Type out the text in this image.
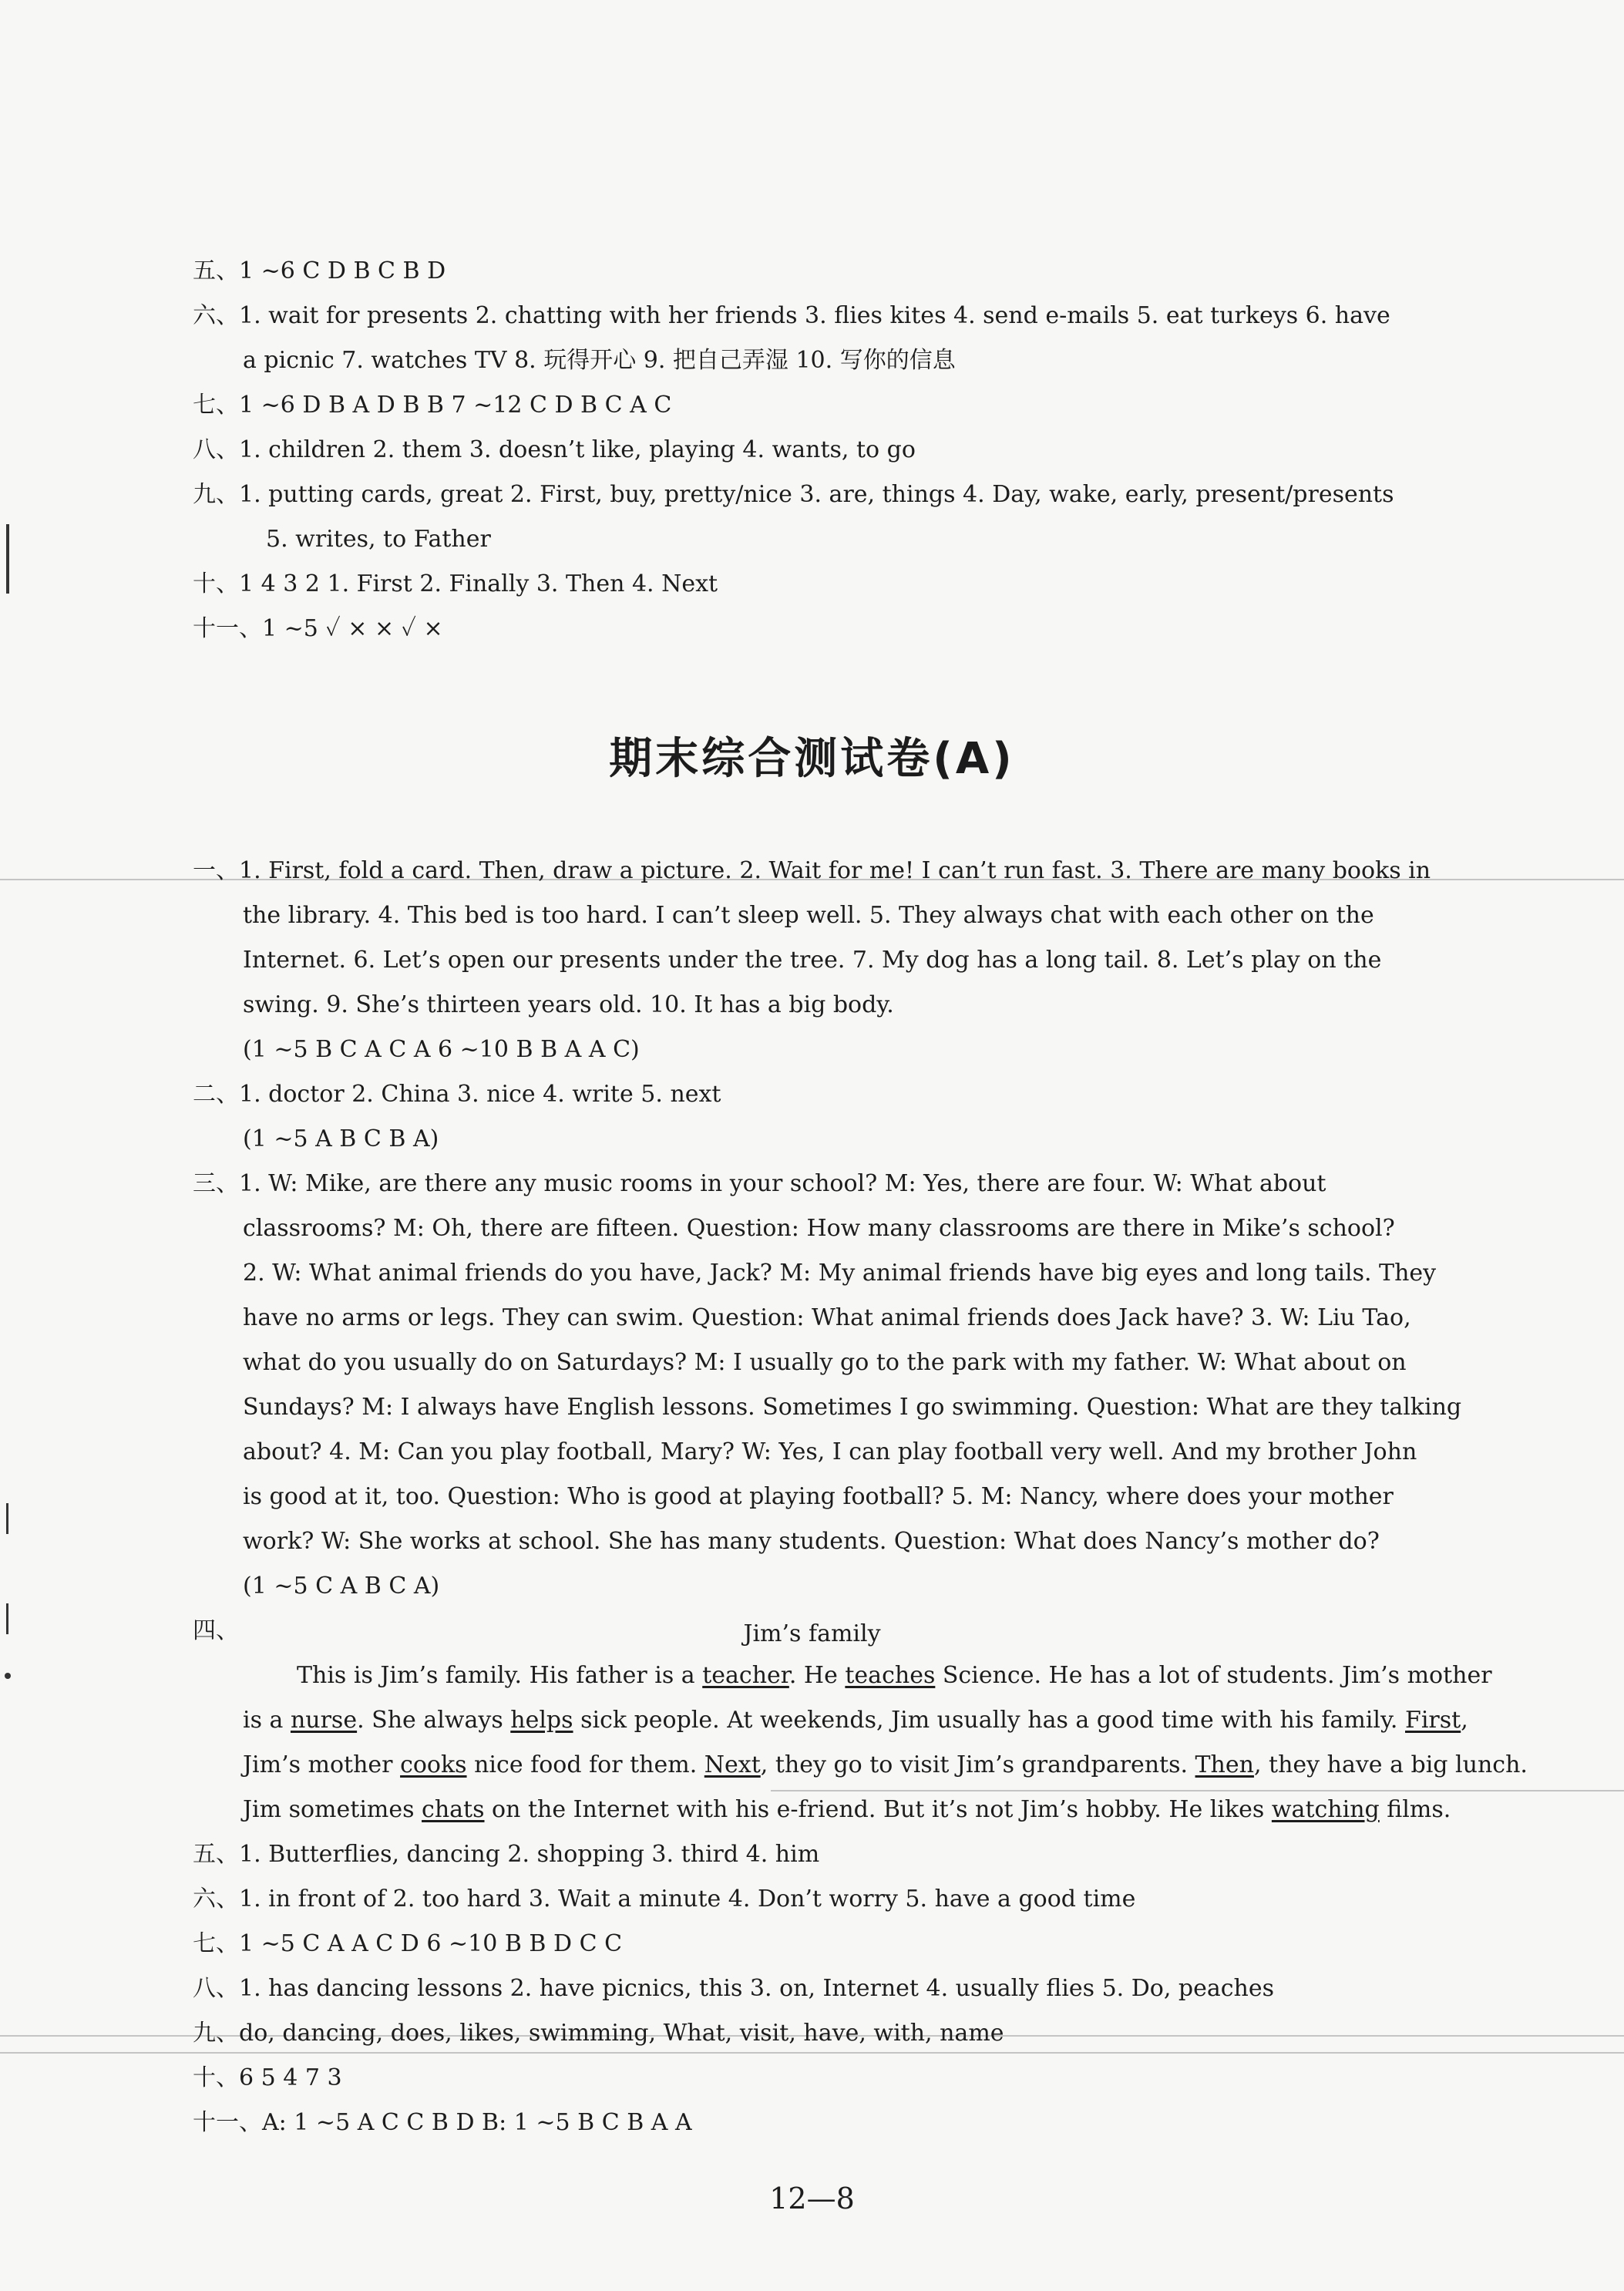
五、1 ~6 C D B C B D
六、1. wait for presents 2. chatting with her friends 3. flies kites 4. send e-mails 5. eat turkeys 6. have
a picnic 7. watches TV 8. 玩得开心 9. 把自己弄湿 10. 写你的信息
七、1 ~6 D B A D B B 7 ~12 C D B C A C
八、1. children 2. them 3. doesn’t like, playing 4. wants, to go
九、1. putting cards, great 2. First, buy, pretty/nice 3. are, things 4. Day, wake, early, present/presents
5. writes, to Father
十、1 4 3 2 1. First 2. Finally 3. Then 4. Next
十一、1 ~5 ✓ × × ✓ ×
期末综合测试卷(A)
一、1. First, fold a card. Then, draw a picture. 2. Wait for me! I can’t run fast. 3. There are many books in
the library. 4. This bed is too hard. I can’t sleep well. 5. They always chat with each other on the
Internet. 6. Let’s open our presents under the tree. 7. My dog has a long tail. 8. Let’s play on the
swing. 9. She’s thirteen years old. 10. It has a big body.
(1 ~5 B C A C A 6 ~10 B B A A C)
二、1. doctor 2. China 3. nice 4. write 5. next
(1 ~5 A B C B A)
三、1. W: Mike, are there any music rooms in your school? M: Yes, there are four. W: What about
classrooms? M: Oh, there are fifteen. Question: How many classrooms are there in Mike’s school?
2. W: What animal friends do you have, Jack? M: My animal friends have big eyes and long tails. They
have no arms or legs. They can swim. Question: What animal friends does Jack have? 3. W: Liu Tao,
what do you usually do on Saturdays? M: I usually go to the park with my father. W: What about on
Sundays? M: I always have English lessons. Sometimes I go swimming. Question: What are they talking
about? 4. M: Can you play football, Mary? W: Yes, I can play football very well. And my brother John
is good at it, too. Question: Who is good at playing football? 5. M: Nancy, where does your mother
work? W: She works at school. She has many students. Question: What does Nancy’s mother do?
(1 ~5 C A B C A)
四、	Jim’s family
This is Jim’s family. His father is a teacher. He teaches Science. He has a lot of students. Jim’s mother
is a nurse. She always helps sick people. At weekends, Jim usually has a good time with his family. First,
Jim’s mother cooks nice food for them. Next, they go to visit Jim’s grandparents. Then, they have a big lunch.
Jim sometimes chats on the Internet with his e-friend. But it’s not Jim’s hobby. He likes watching films.
五、1. Butterflies, dancing 2. shopping 3. third 4. him
六、1. in front of 2. too hard 3. Wait a minute 4. Don’t worry 5. have a good time
七、1 ~5 C A A C D 6 ~10 B B D C C
八、1. has dancing lessons 2. have picnics, this 3. on, Internet 4. usually flies 5. Do, peaches
九、do, dancing, does, likes, swimming, What, visit, have, with, name
十、6 5 4 7 3
十一、A: 1 ~5 A C C B D B: 1 ~5 B C B A A
12—8
